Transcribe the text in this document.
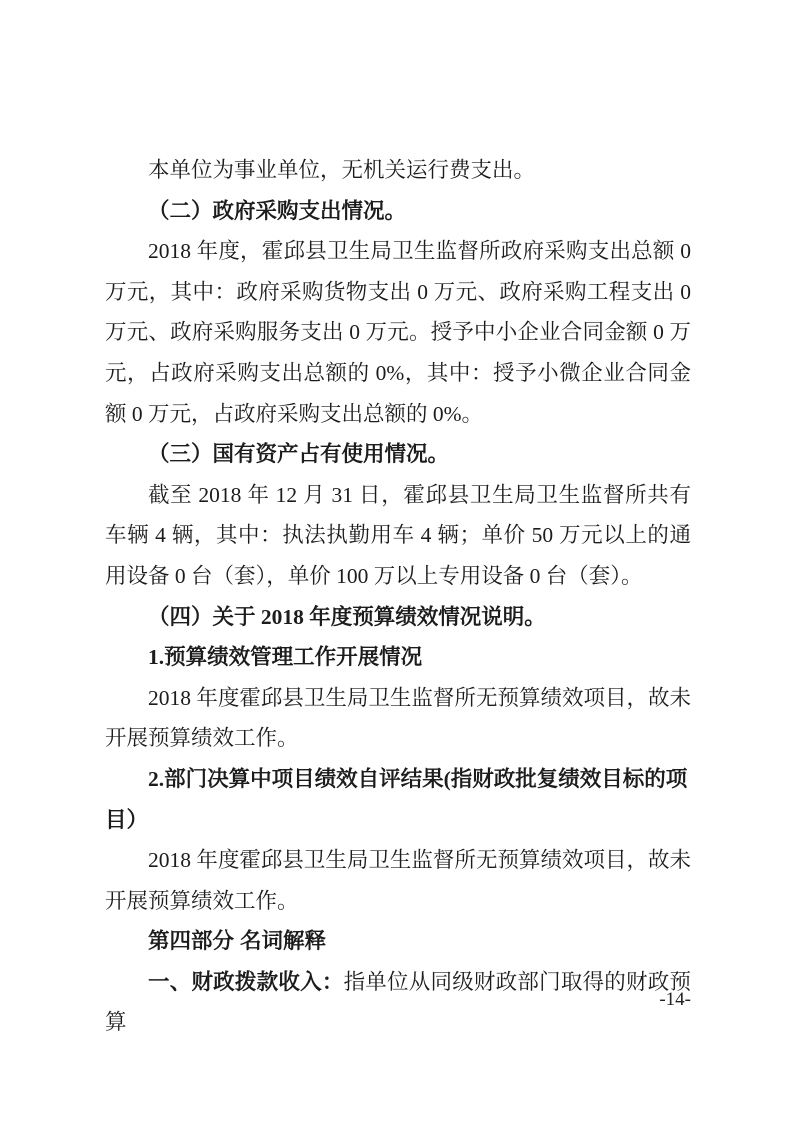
本单位为事业单位，无机关运行费支出。

（二）政府采购支出情况。

2018 年度，霍邱县卫生局卫生监督所政府采购支出总额 0 万元，其中：政府采购货物支出 0 万元、政府采购工程支出 0 万元、政府采购服务支出 0 万元。授予中小企业合同金额 0 万元，占政府采购支出总额的 0%，其中：授予小微企业合同金额 0 万元，占政府采购支出总额的 0%。

（三）国有资产占有使用情况。

截至 2018 年 12 月 31 日，霍邱县卫生局卫生监督所共有车辆 4 辆，其中：执法执勤用车 4 辆；单价 50 万元以上的通用设备 0 台（套），单价 100 万以上专用设备 0 台（套）。

（四）关于 2018 年度预算绩效情况说明。

1.预算绩效管理工作开展情况

2018 年度霍邱县卫生局卫生监督所无预算绩效项目，故未开展预算绩效工作。

2.部门决算中项目绩效自评结果(指财政批复绩效目标的项目）

2018 年度霍邱县卫生局卫生监督所无预算绩效项目，故未开展预算绩效工作。

第四部分 名词解释

一、财政拨款收入：指单位从同级财政部门取得的财政预算

-14-
